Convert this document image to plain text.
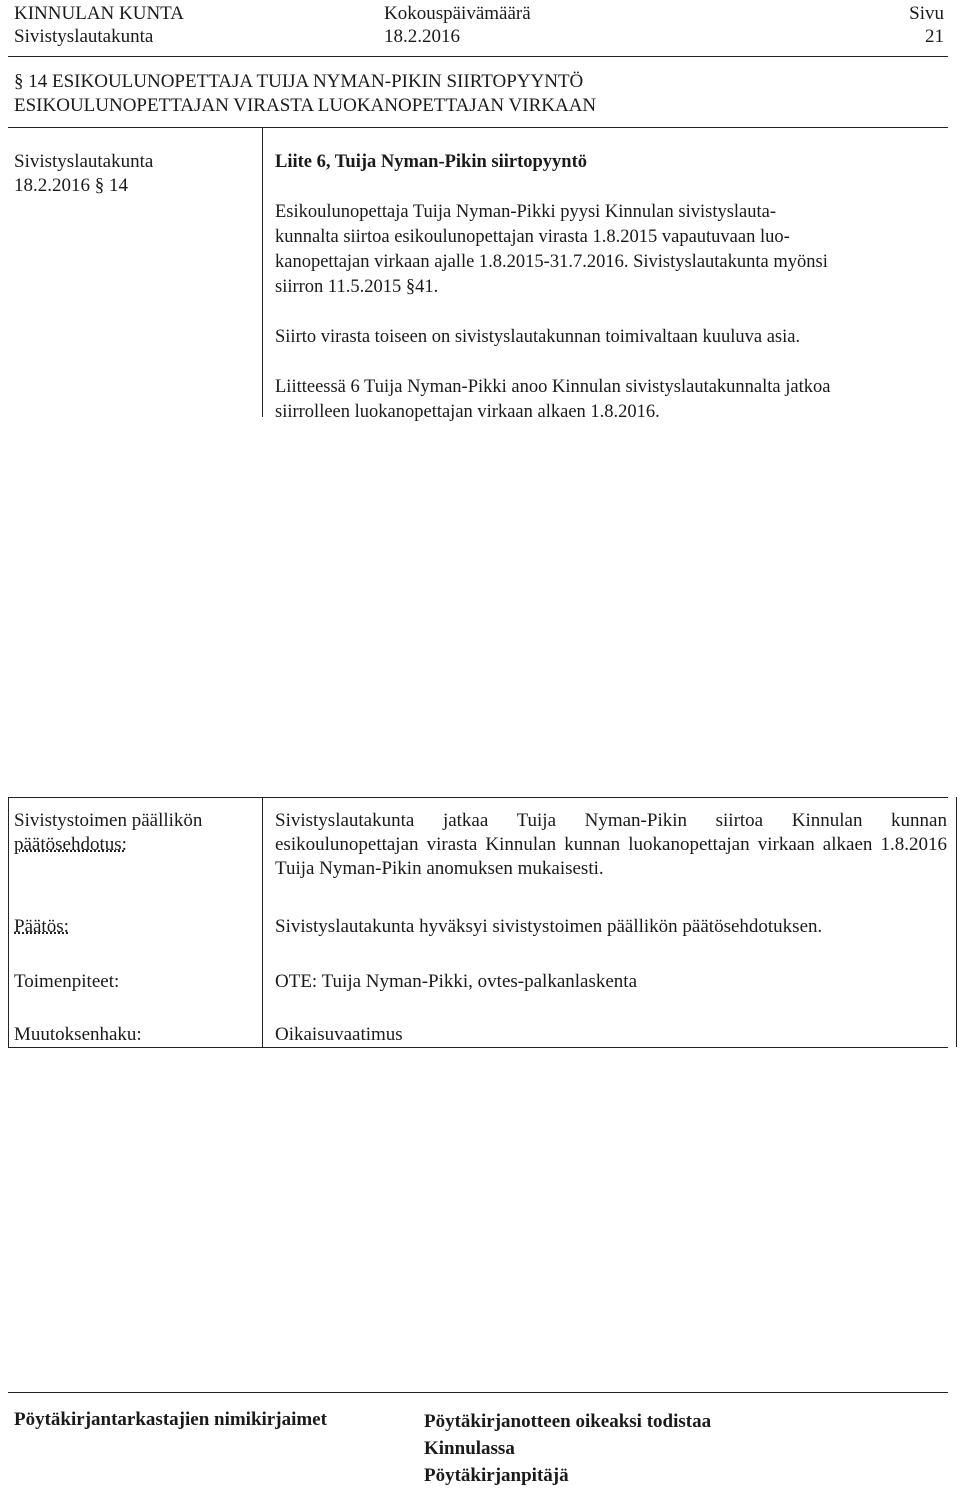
KINNULAN KUNTA
Sivistyslautakunta
Kokouspäivämäärä
18.2.2016
Sivu
21
§ 14 ESIKOULUNOPETTAJA TUIJA NYMAN-PIKIN SIIRTOPYYNTÖ
ESIKOULUNOPETTAJAN VIRASTA LUOKANOPETTAJAN VIRKAAN
Sivistyslautakunta
18.2.2016 § 14

Liite 6, Tuija Nyman-Pikin siirtopyyntö

Esikoulunopettaja Tuija Nyman-Pikki pyysi Kinnulan sivistyslauta-

kunnalta siirtoa esikoulunopettajan virasta 1.8.2015 vapautuvaan luo-

kanopettajan virkaan ajalle 1.8.2015-31.7.2016. Sivistyslautakunta myönsi

siirron 11.5.2015 §41.

Siirto virasta toiseen on sivistyslautakunnan toimivaltaan kuuluva asia.

Liitteessä 6 Tuija Nyman-Pikki anoo Kinnulan sivistyslautakunnalta jatkoa

siirrolleen luokanopettajan virkaan alkaen 1.8.2016.

Sivistystoimen päällikön
päätösehdotus:
Sivistyslautakunta jatkaa Tuija Nyman-Pikin siirtoa Kinnulan kunnan esikoulunopettajan virasta Kinnulan kunnan luokanopettajan virkaan alkaen 1.8.2016 Tuija Nyman-Pikin anomuksen mukaisesti.
Päätös:	Sivistyslautakunta hyväksyi sivistystoimen päällikön päätösehdotuksen.
Toimenpiteet:	OTE: Tuija Nyman-Pikki, ovtes-palkanlaskenta
Muutoksenhaku:	Oikaisuvaatimus
Pöytäkirjantarkastajien nimikirjaimet	Pöytäkirjanotteen oikeaksi todistaa
Kinnulassa
Pöytäkirjanpitäjä
